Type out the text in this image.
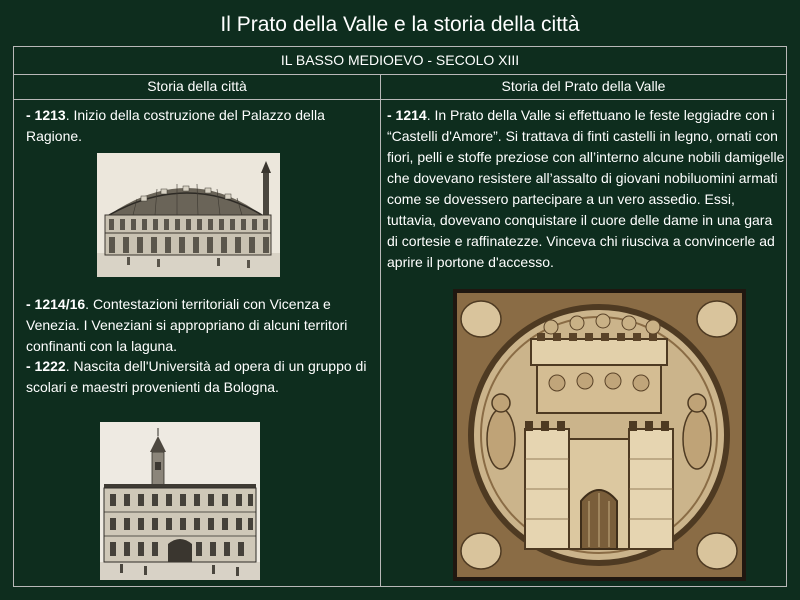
Il Prato della Valle e la storia della città
IL BASSO MEDIOEVO - SECOLO XIII
Storia della città	Storia del Prato della Valle

- 1213. Inizio della costruzione del Palazzo della Ragione.

- 1214/16. Contestazioni territoriali con Vicenza e Venezia. I Veneziani si appropriano di alcuni territori confinanti con la laguna.

- 1222. Nascita dell'Università ad opera di un gruppo di scolari e maestri provenienti da Bologna.

- 1214. In Prato della Valle si effettuano le feste leggiadre con i “Castelli d'Amore”. Si trattava di finti castelli in legno, ornati con fiori, pelli e stoffe preziose con all’interno alcune nobili damigelle che dovevano resistere all’assalto di giovani nobiluomini armati come se dovessero partecipare a un vero assedio. Essi, tuttavia, dovevano conquistare il cuore delle dame in una gara di cortesie e raffinatezze. Vinceva chi riusciva a convincerle ad aprire il portone d'accesso.
